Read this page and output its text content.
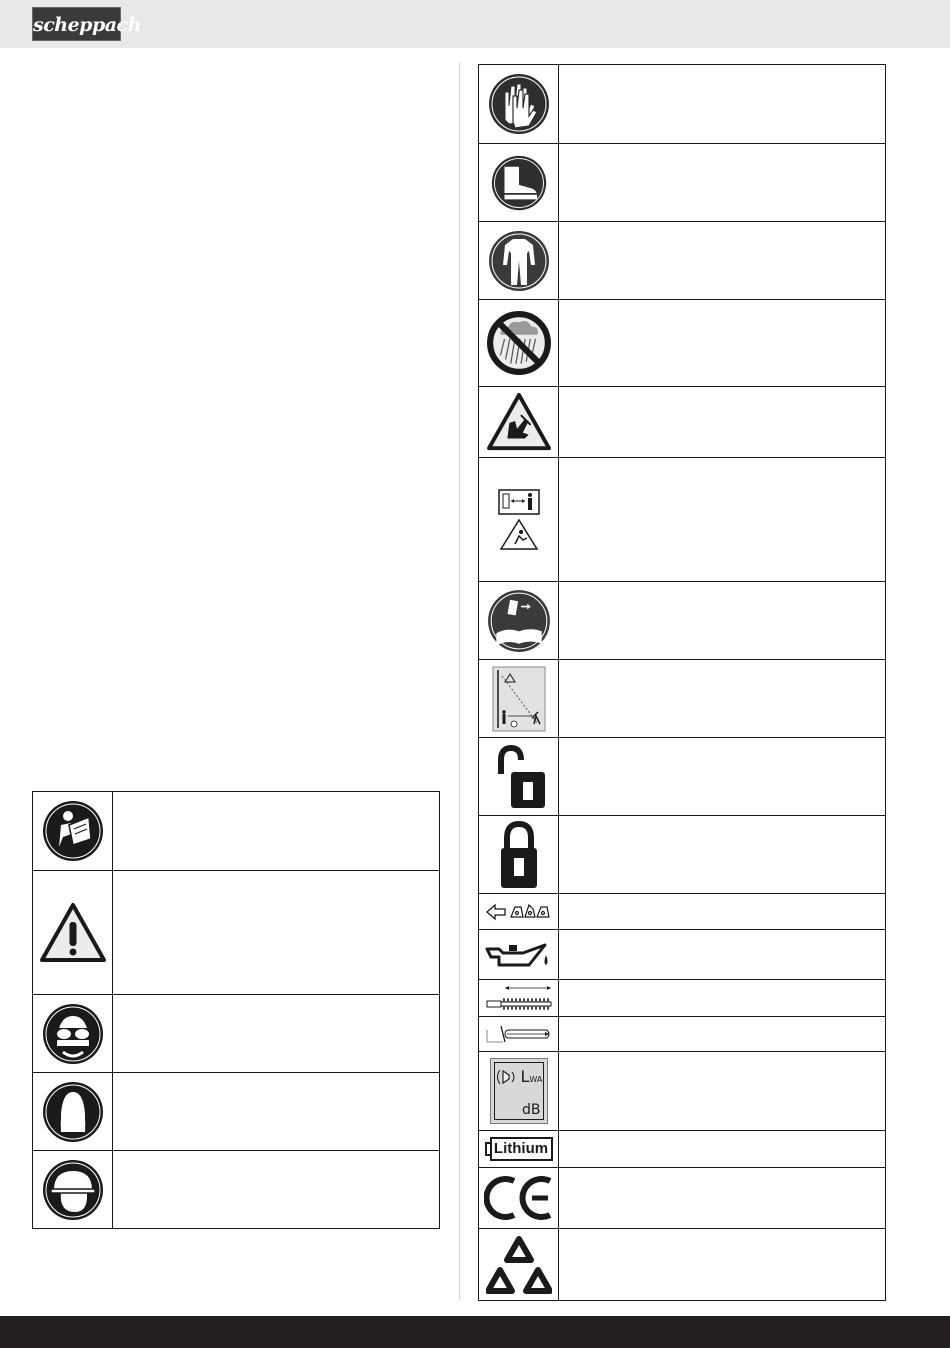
scheppach
LWA
dB
Lithium
